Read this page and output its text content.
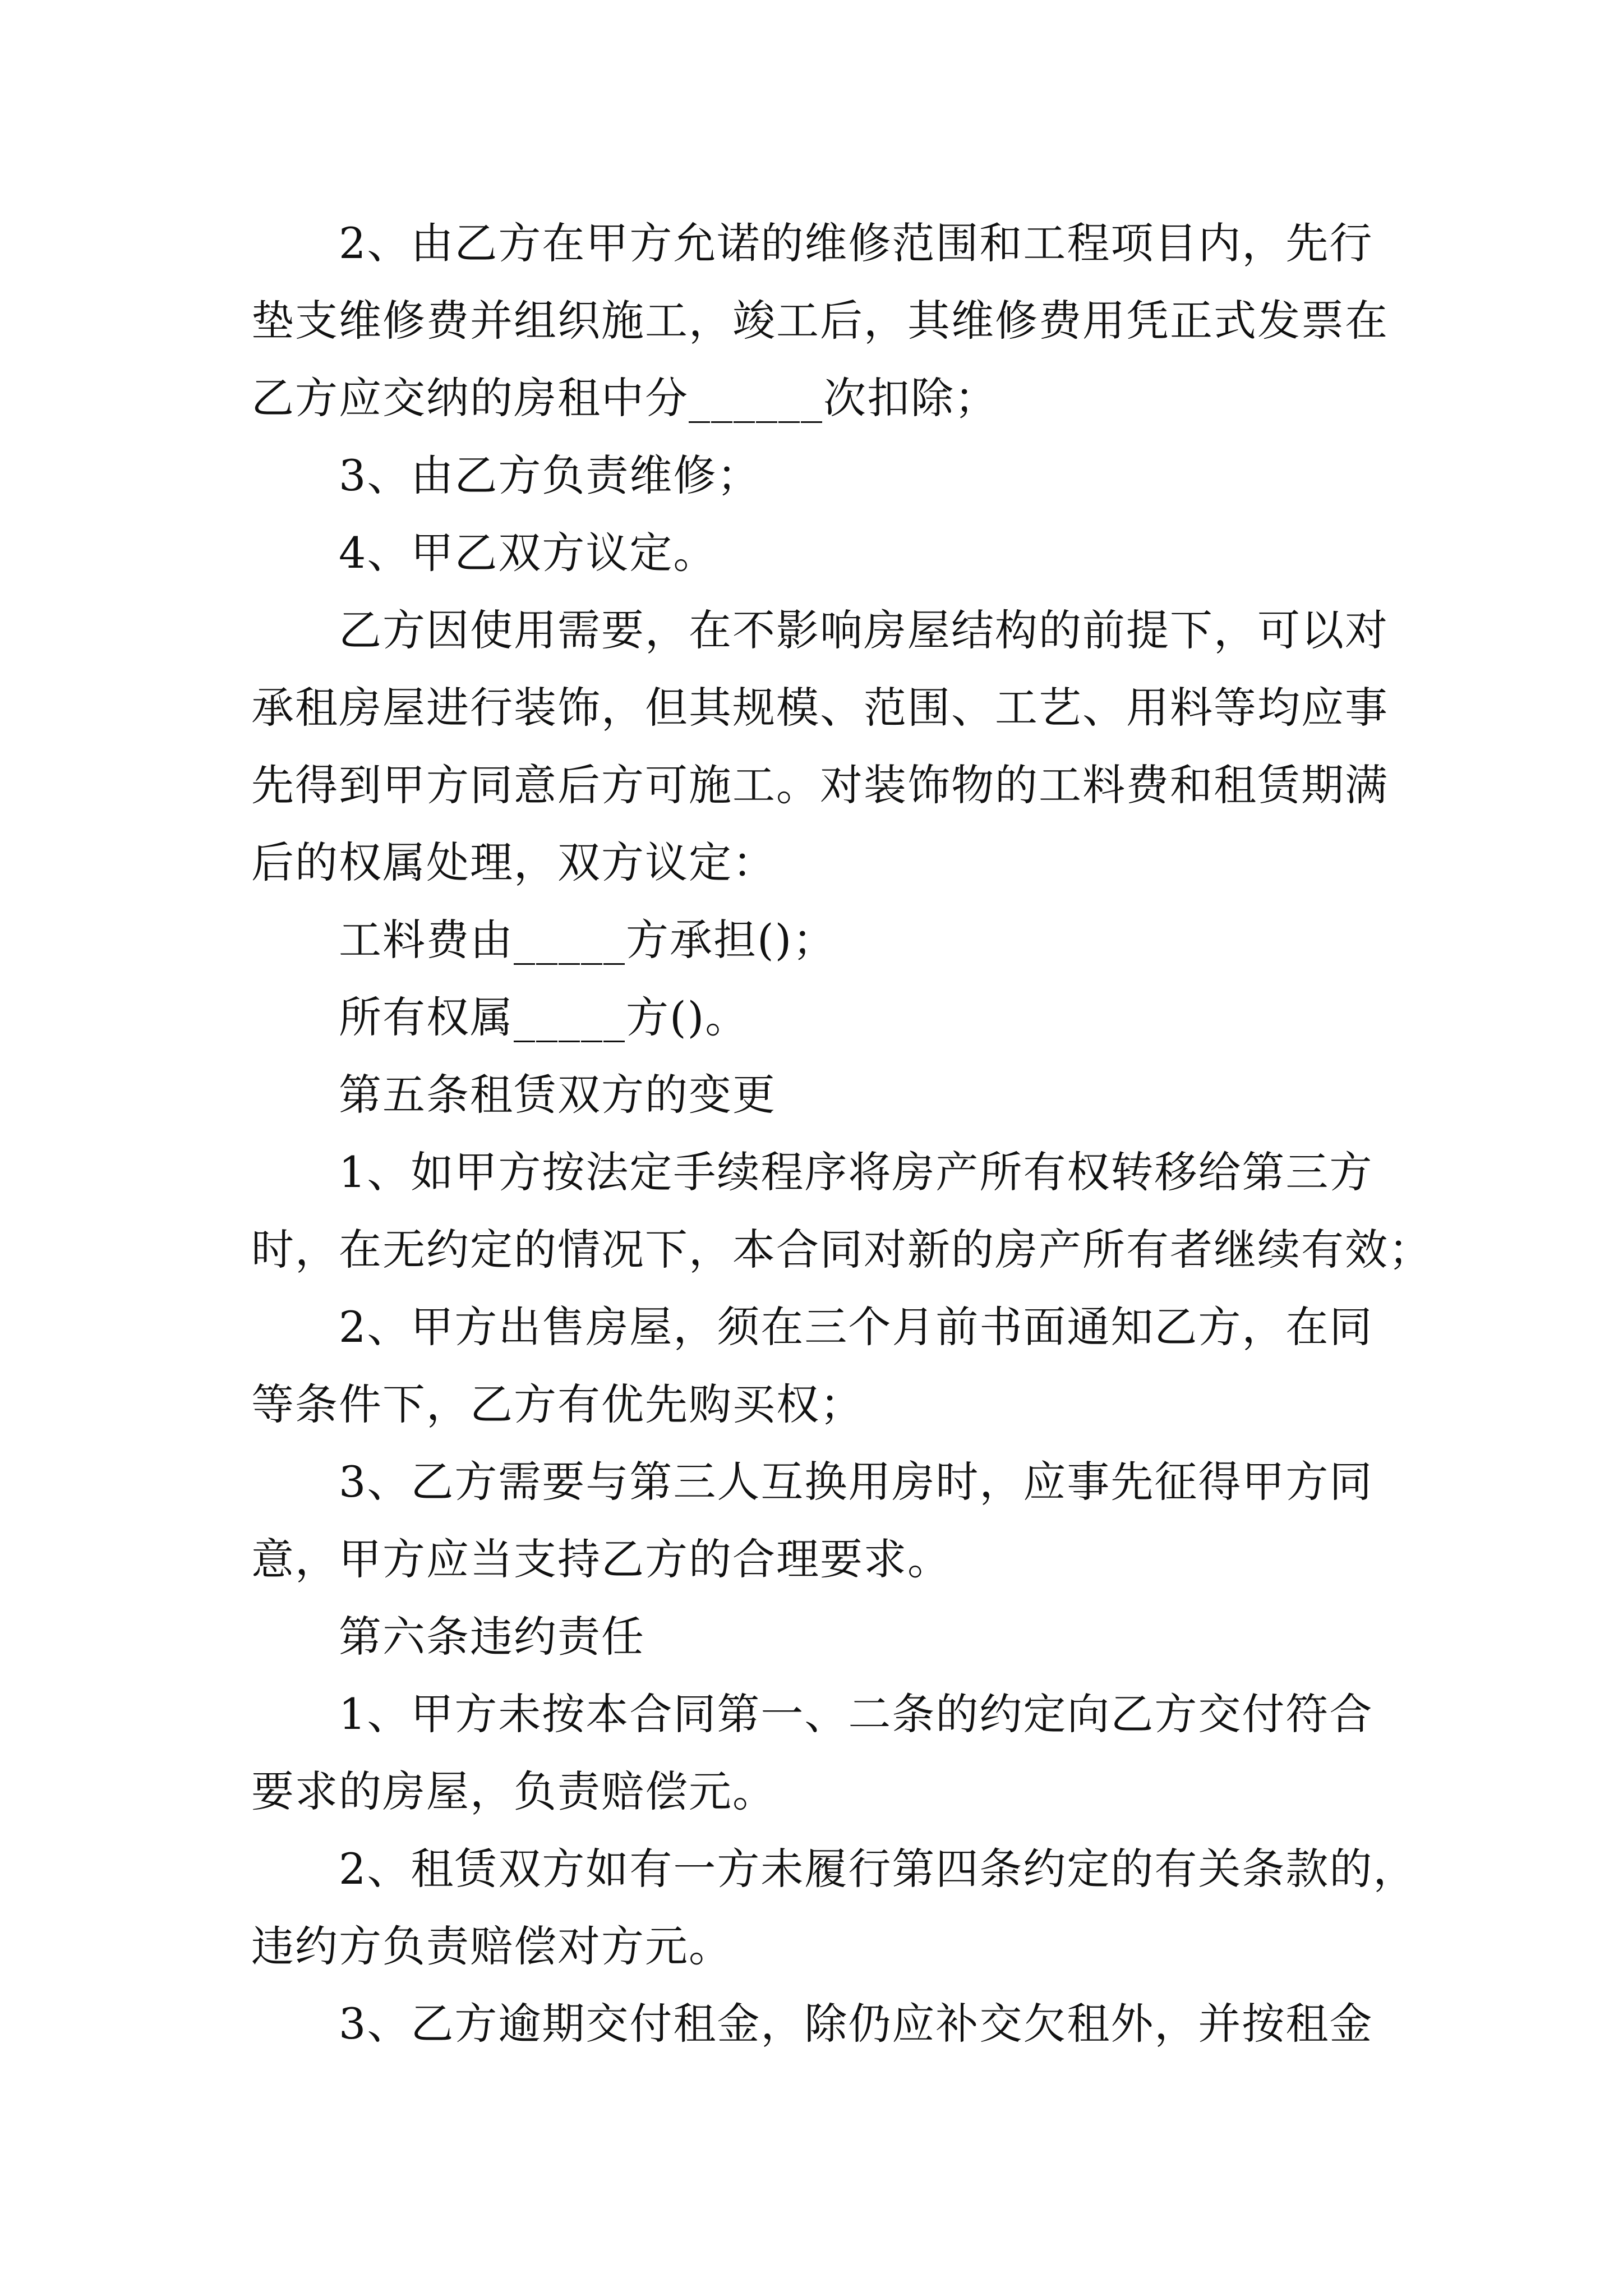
2、由乙方在甲方允诺的维修范围和工程项目内，先行
垫支维修费并组织施工，竣工后，其维修费用凭正式发票在
乙方应交纳的房租中分______次扣除；
3、由乙方负责维修；
4、甲乙双方议定。
乙方因使用需要，在不影响房屋结构的前提下，可以对
承租房屋进行装饰，但其规模、范围、工艺、用料等均应事
先得到甲方同意后方可施工。对装饰物的工料费和租赁期满
后的权属处理，双方议定：
工料费由_____方承担()；
所有权属_____方()。
第五条租赁双方的变更
1、如甲方按法定手续程序将房产所有权转移给第三方
时，在无约定的情况下，本合同对新的房产所有者继续有效；
2、甲方出售房屋，须在三个月前书面通知乙方，在同
等条件下，乙方有优先购买权；
3、乙方需要与第三人互换用房时，应事先征得甲方同
意，甲方应当支持乙方的合理要求。
第六条违约责任
1、甲方未按本合同第一、二条的约定向乙方交付符合
要求的房屋，负责赔偿元。
2、租赁双方如有一方未履行第四条约定的有关条款的，
违约方负责赔偿对方元。
3、乙方逾期交付租金，除仍应补交欠租外，并按租金
